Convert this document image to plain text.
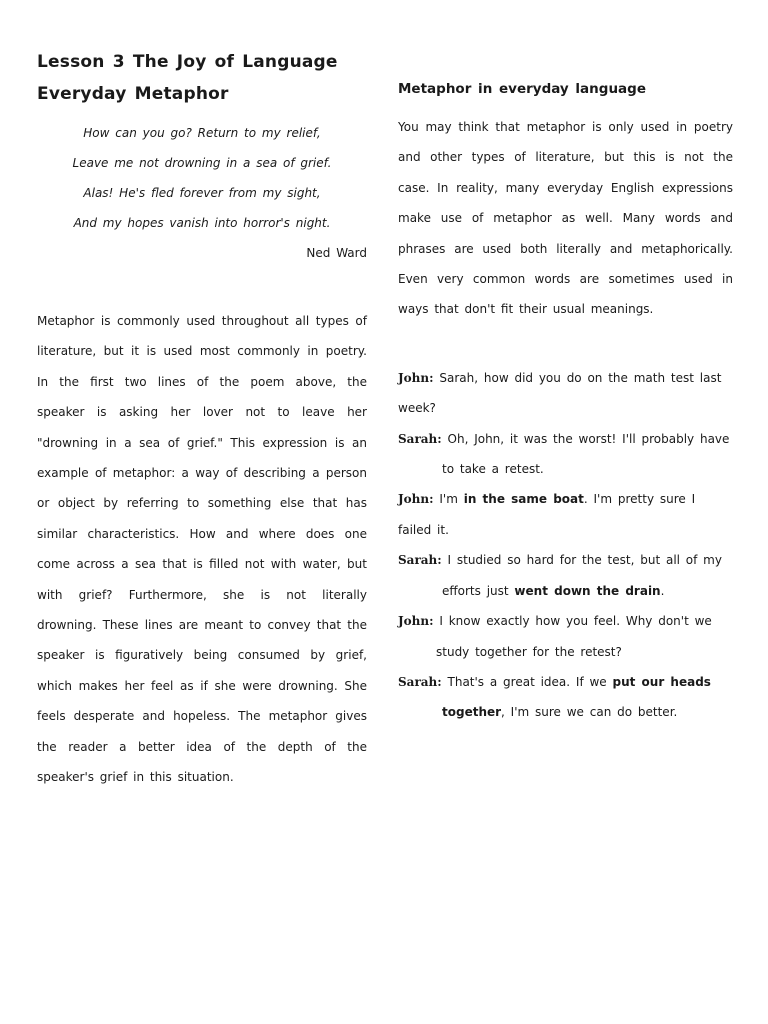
Lesson 3 The Joy of Language
Everyday Metaphor
How can you go? Return to my relief,
Leave me not drowning in a sea of grief.
Alas! He's fled forever from my sight,
And my hopes vanish into horror's night.
Ned Ward

Metaphor is commonly used throughout all types of literature, but it is used most commonly in poetry. In the first two lines of the poem above, the speaker is asking her lover not to leave her "drowning in a sea of grief." This expression is an example of metaphor: a way of describing a person or object by referring to something else that has similar characteristics. How and where does one come across a sea that is filled not with water, but with grief? Furthermore, she is not literally drowning. These lines are meant to convey that the speaker is figuratively being consumed by grief, which makes her feel as if she were drowning. She feels desperate and hopeless. The metaphor gives the reader a better idea of the depth of the speaker's grief in this situation.

Metaphor in everyday language

You may think that metaphor is only used in poetry and other types of literature, but this is not the case. In reality, many everyday English expressions make use of metaphor as well. Many words and phrases are used both literally and metaphorically. Even very common words are sometimes used in ways that don't fit their usual meanings.

John: Sarah, how did you do on the math test last
week?
Sarah: Oh, John, it was the worst! I'll probably have
to take a retest.
John: I'm in the same boat. I'm pretty sure I failed it.
Sarah: I studied so hard for the test, but all of my
efforts just went down the drain.
John: I know exactly how you feel. Why don't we
study together for the retest?
Sarah: That's a great idea. If we put our heads
together, I'm sure we can do better.
